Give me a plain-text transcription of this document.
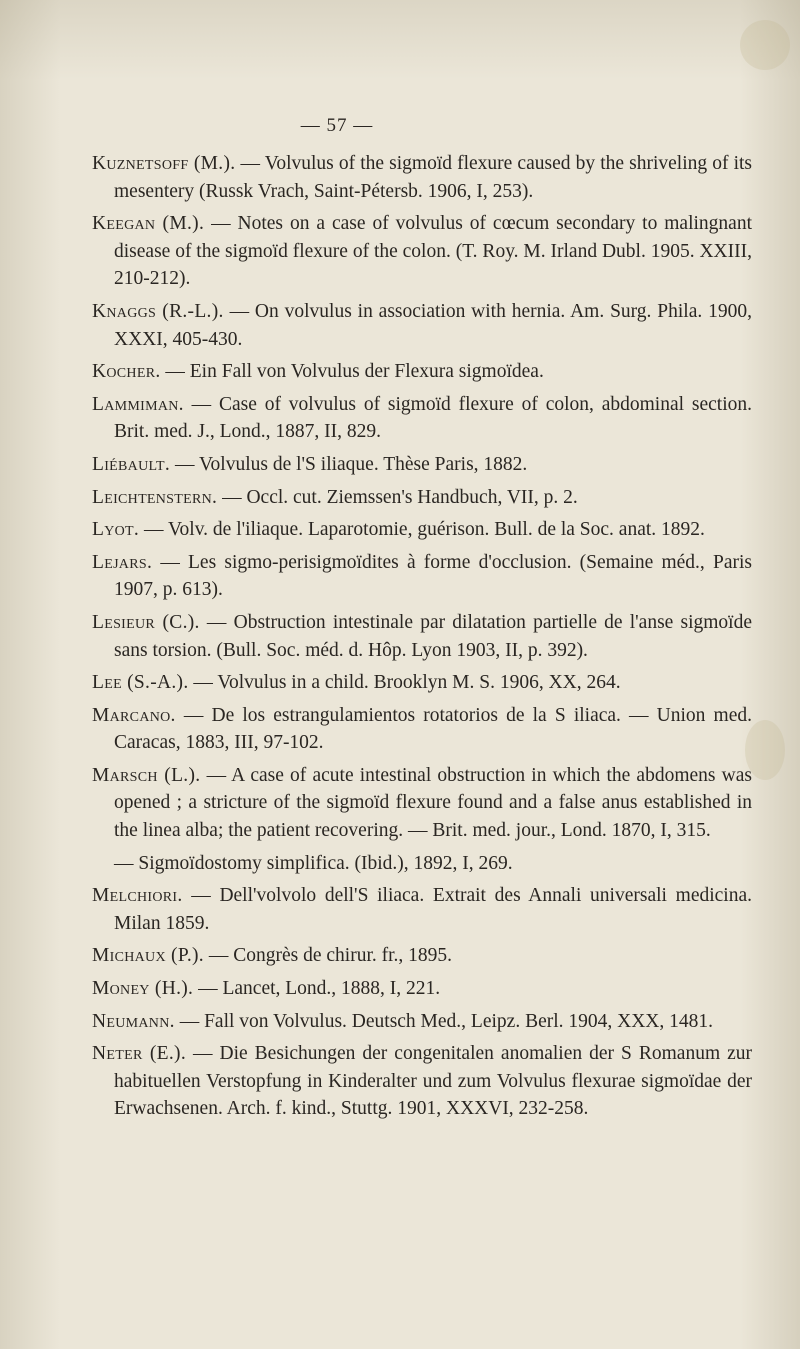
— 57 —
Kuznetsoff (M.). — Volvulus of the sigmoïd flexure caused by the shriveling of its mesentery (Russk Vrach, Saint-Pétersb. 1906, I, 253).
Keegan (M.). — Notes on a case of volvulus of cœcum secondary to malingnant disease of the sigmoïd flexure of the colon. (T. Roy. M. Irland Dubl. 1905. XXIII, 210-212).
Knaggs (R.-L.). — On volvulus in association with hernia. Am. Surg. Phila. 1900, XXXI, 405-430.
Kocher. — Ein Fall von Volvulus der Flexura sigmoïdea.
Lammiman. — Case of volvulus of sigmoïd flexure of colon, abdominal section. Brit. med. J., Lond., 1887, II, 829.
Liébault. — Volvulus de l'S iliaque. Thèse Paris, 1882.
Leichtenstern. — Occl. cut. Ziemssen's Handbuch, VII, p. 2.
Lyot. — Volv. de l'iliaque. Laparotomie, guérison. Bull. de la Soc. anat. 1892.
Lejars. — Les sigmo-perisigmoïdites à forme d'occlusion. (Semaine méd., Paris 1907, p. 613).
Lesieur (C.). — Obstruction intestinale par dilatation partielle de l'anse sigmoïde sans torsion. (Bull. Soc. méd. d. Hôp. Lyon 1903, II, p. 392).
Lee (S.-A.). — Volvulus in a child. Brooklyn M. S. 1906, XX, 264.
Marcano. — De los estrangulamientos rotatorios de la S iliaca. — Union med. Caracas, 1883, III, 97-102.
Marsch (L.). — A case of acute intestinal obstruction in which the abdomens was opened ; a stricture of the sigmoïd flexure found and a false anus established in the linea alba; the patient recovering. — Brit. med. jour., Lond. 1870, I, 315.
— Sigmoïdostomy simplifica. (Ibid.), 1892, I, 269.
Melchiori. — Dell'volvolo dell'S iliaca. Extrait des Annali universali medicina. Milan 1859.
Michaux (P.). — Congrès de chirur. fr., 1895.
Money (H.). — Lancet, Lond., 1888, I, 221.
Neumann. — Fall von Volvulus. Deutsch Med., Leipz. Berl. 1904, XXX, 1481.
Neter (E.). — Die Besichungen der congenitalen anomalien der S Romanum zur habituellen Verstopfung in Kinderalter und zum Volvulus flexurae sigmoïdae der Erwachsenen. Arch. f. kind., Stuttg. 1901, XXXVI, 232-258.
